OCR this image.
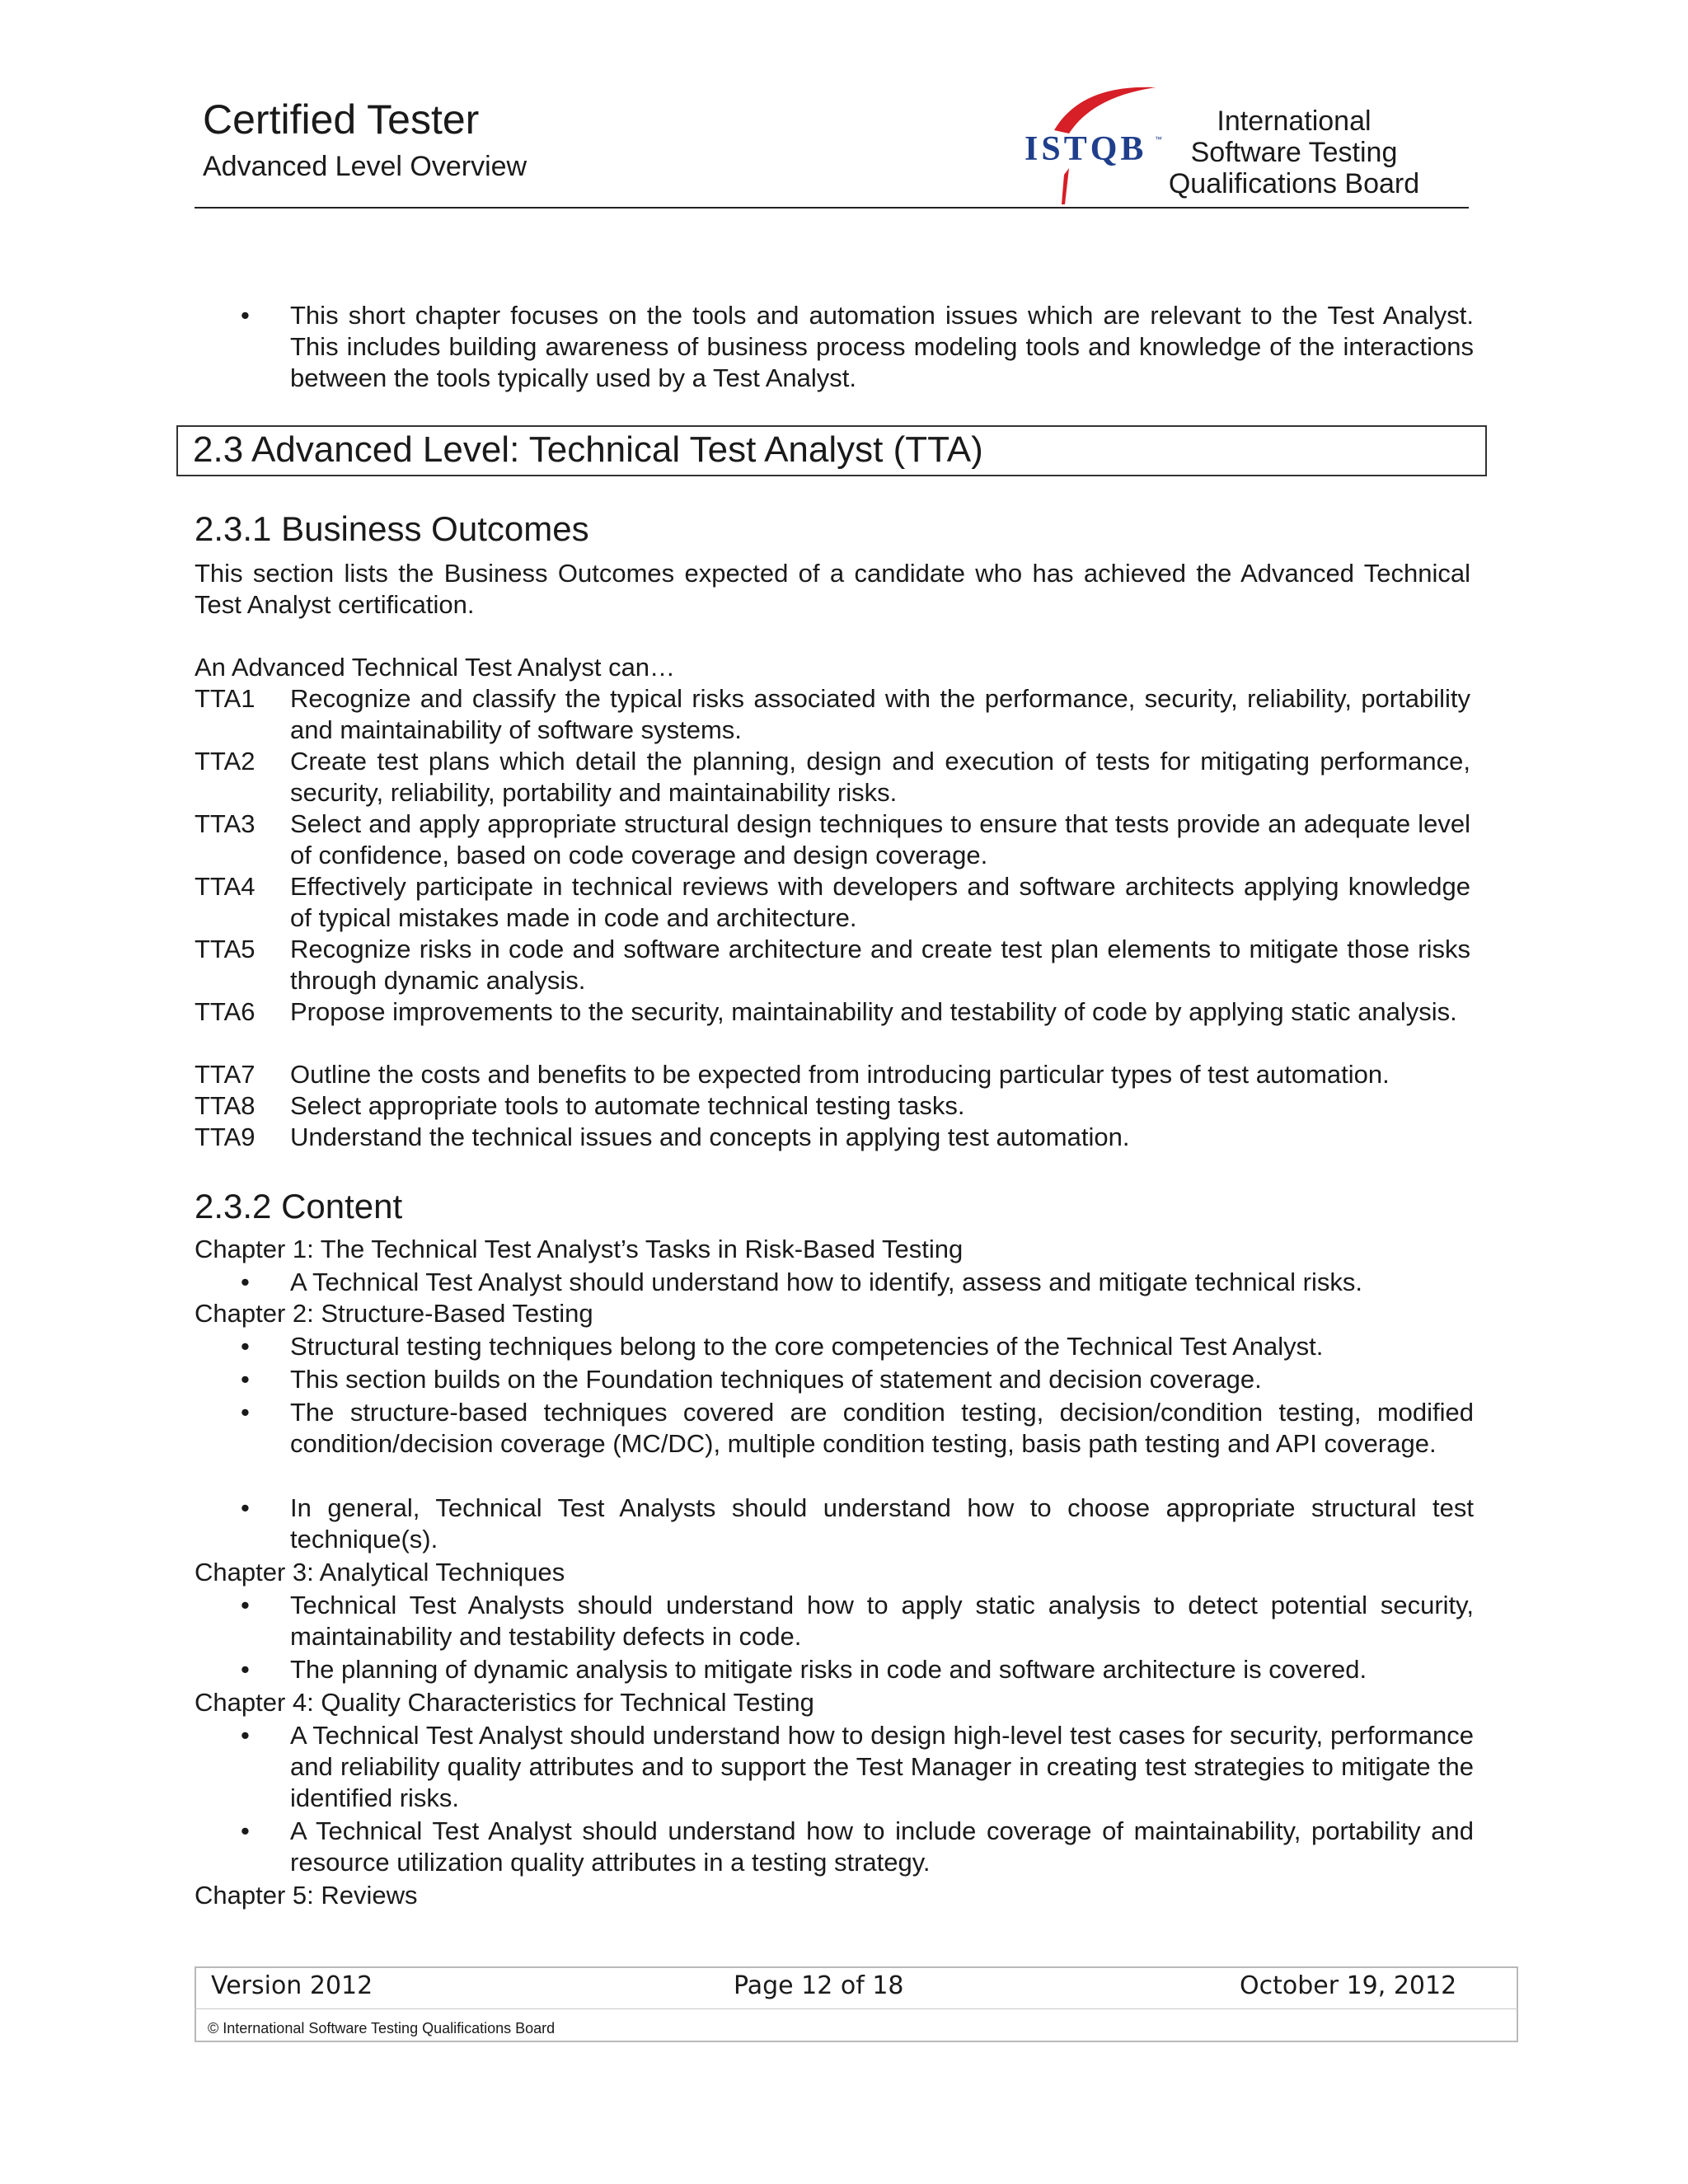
Certified Tester
Advanced Level Overview	ISTQB ™
International
Software Testing
Qualifications Board
• This short chapter focuses on the tools and automation issues which are relevant to the Test Analyst. This includes building awareness of business process modeling tools and knowledge of the interactions between the tools typically used by a Test Analyst.
2.3 Advanced Level: Technical Test Analyst (TTA)
2.3.1 Business Outcomes
This section lists the Business Outcomes expected of a candidate who has achieved the Advanced Technical Test Analyst certification.
An Advanced Technical Test Analyst can…
TTA1 Recognize and classify the typical risks associated with the performance, security, reliability, portability and maintainability of software systems.
TTA2 Create test plans which detail the planning, design and execution of tests for mitigating performance, security, reliability, portability and maintainability risks.
TTA3 Select and apply appropriate structural design techniques to ensure that tests provide an adequate level of confidence, based on code coverage and design coverage.
TTA4 Effectively participate in technical reviews with developers and software architects applying knowledge of typical mistakes made in code and architecture.
TTA5 Recognize risks in code and software architecture and create test plan elements to mitigate those risks through dynamic analysis.
TTA6 Propose improvements to the security, maintainability and testability of code by applying static analysis.
TTA7 Outline the costs and benefits to be expected from introducing particular types of test automation.
TTA8 Select appropriate tools to automate technical testing tasks.
TTA9 Understand the technical issues and concepts in applying test automation.
2.3.2 Content
Chapter 1: The Technical Test Analyst’s Tasks in Risk-Based Testing
• A Technical Test Analyst should understand how to identify, assess and mitigate technical risks.
Chapter 2: Structure-Based Testing
• Structural testing techniques belong to the core competencies of the Technical Test Analyst.
• This section builds on the Foundation techniques of statement and decision coverage.
• The structure-based techniques covered are condition testing, decision/condition testing, modified condition/decision coverage (MC/DC), multiple condition testing, basis path testing and API coverage.
• In general, Technical Test Analysts should understand how to choose appropriate structural test technique(s).
Chapter 3: Analytical Techniques
• Technical Test Analysts should understand how to apply static analysis to detect potential security, maintainability and testability defects in code.
• The planning of dynamic analysis to mitigate risks in code and software architecture is covered.
Chapter 4: Quality Characteristics for Technical Testing
• A Technical Test Analyst should understand how to design high-level test cases for security, performance and reliability quality attributes and to support the Test Manager in creating test strategies to mitigate the identified risks.
• A Technical Test Analyst should understand how to include coverage of maintainability, portability and resource utilization quality attributes in a testing strategy.
Chapter 5: Reviews
Version 2012	Page 12 of 18	October 19, 2012
© International Software Testing Qualifications Board
